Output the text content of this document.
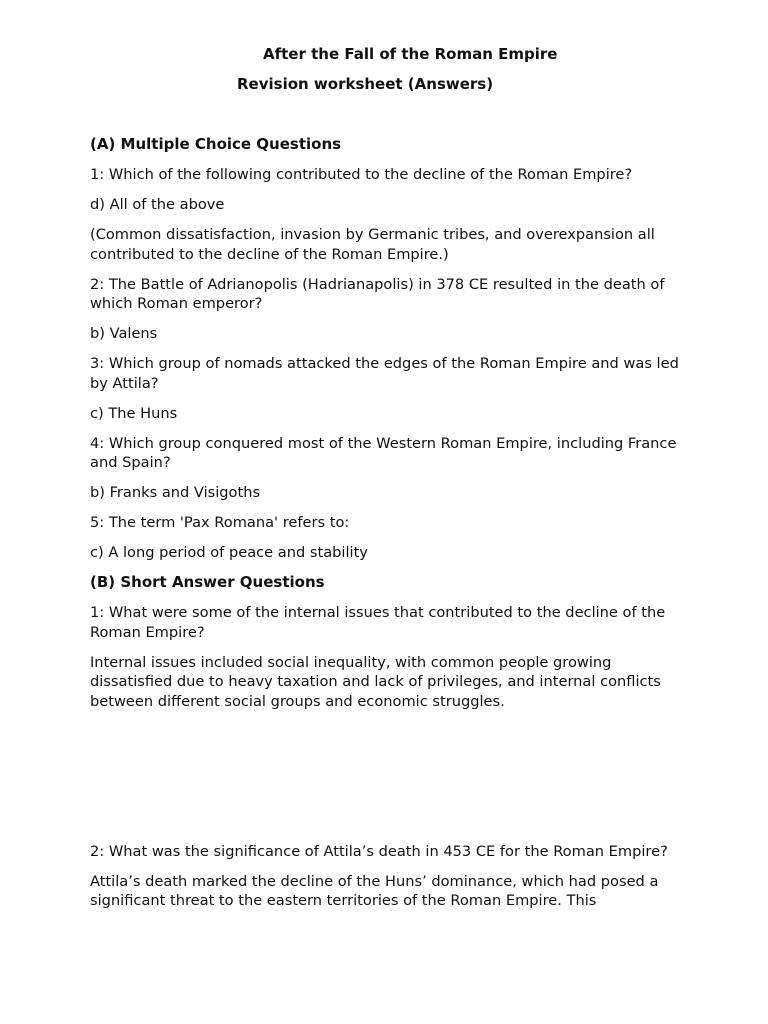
After the Fall of the Roman Empire
Revision worksheet (Answers)
(A) Multiple Choice Questions

1: Which of the following contributed to the decline of the Roman Empire?

d) All of the above

(Common dissatisfaction, invasion by Germanic tribes, and overexpansion all contributed to the decline of the Roman Empire.)

2: The Battle of Adrianopolis (Hadrianapolis) in 378 CE resulted in the death of which Roman emperor?

b) Valens

3: Which group of nomads attacked the edges of the Roman Empire and was led by Attila?

c) The Huns

4: Which group conquered most of the Western Roman Empire, including France and Spain?

b) Franks and Visigoths

5: The term 'Pax Romana' refers to:

c) A long period of peace and stability

(B) Short Answer Questions

1: What were some of the internal issues that contributed to the decline of the Roman Empire?

Internal issues included social inequality, with common people growing dissatisfied due to heavy taxation and lack of privileges, and internal conflicts between different social groups and economic struggles.

2: What was the significance of Attila’s death in 453 CE for the Roman Empire?

Attila’s death marked the decline of the Huns’ dominance, which had posed a significant threat to the eastern territories of the Roman Empire. This
